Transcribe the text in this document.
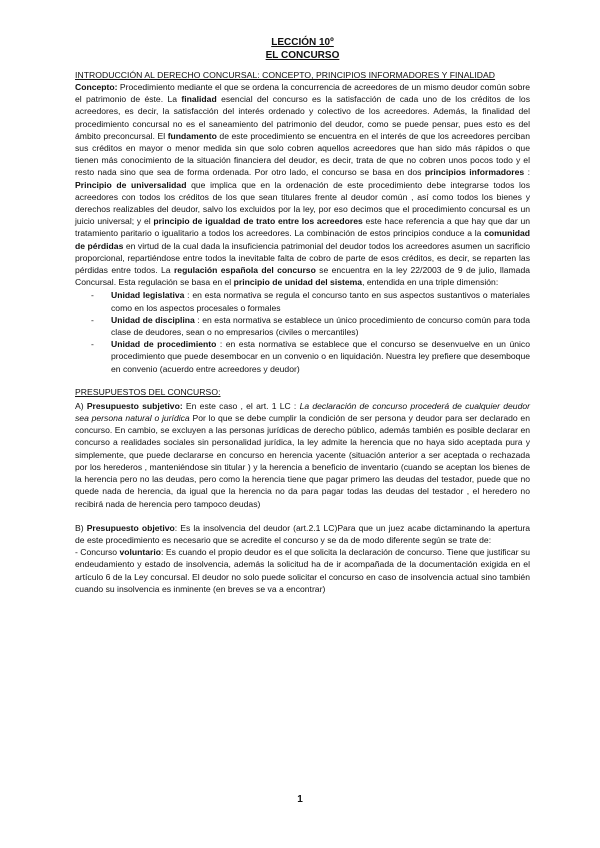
LECCIÓN 10º
EL CONCURSO
INTRODUCCIÓN AL DERECHO CONCURSAL: CONCEPTO, PRINCIPIOS INFORMADORES Y FINALIDAD

Concepto: Procedimiento mediante el que se ordena la concurrencia de acreedores de un mismo deudor común sobre el patrimonio de éste. La finalidad esencial del concurso es la satisfacción de cada uno de los créditos de los acreedores, es decir, la satisfacción del interés ordenado y colectivo de los acreedores. Además, la finalidad del procedimiento concursal no es el saneamiento del patrimonio del deudor, como se puede pensar, pues esto es del ámbito preconcursal. El fundamento de este procedimiento se encuentra en el interés de que los acreedores perciban sus créditos en mayor o menor medida sin que solo cobren aquellos acreedores que han sido más rápidos o que tienen más conocimiento de la situación financiera del deudor, es decir, trata de que no cobren unos pocos todo y el resto nada sino que sea de forma ordenada. Por otro lado, el concurso se basa en dos principios informadores : Principio de universalidad que implica que en la ordenación de este procedimiento debe integrarse todos los acreedores con todos los créditos de los que sean titulares frente al deudor común , así como todos los bienes y derechos realizables del deudor, salvo los excluidos por la ley, por eso decimos que el procedimiento concursal es un juicio universal; y el principio de igualdad de trato entre los acreedores este hace referencia a que hay que dar un tratamiento paritario o igualitario a todos los acreedores. La combinación de estos principios conduce a la comunidad de pérdidas en virtud de la cual dada la insuficiencia patrimonial del deudor todos los acreedores asumen un sacrificio proporcional, repartiéndose entre todos la inevitable falta de cobro de parte de esos créditos, es decir, se reparten las pérdidas entre todos. La regulación española del concurso se encuentra en la ley 22/2003 de 9 de julio, llamada Concursal. Esta regulación se basa en el principio de unidad del sistema, entendida en una triple dimensión:

- Unidad legislativa : en esta normativa se regula el concurso tanto en sus aspectos sustantivos o materiales como en los aspectos procesales o formales
- Unidad de disciplina : en esta normativa se establece un único procedimiento de concurso común para toda clase de deudores, sean o no empresarios (civiles o mercantiles)
- Unidad de procedimiento : en esta normativa se establece que el concurso se desenvuelve en un único procedimiento que puede desembocar en un convenio o en liquidación. Nuestra ley prefiere que desemboque en convenio (acuerdo entre acreedores y deudor)
PRESUPUESTOS DEL CONCURSO:

A) Presupuesto subjetivo: En este caso , el art. 1 LC : La declaración de concurso procederá de cualquier deudor sea persona natural o jurídica Por lo que se debe cumplir la condición de ser persona y deudor para ser declarado en concurso. En cambio, se excluyen a las personas jurídicas de derecho público, además también es posible declarar en concurso a realidades sociales sin personalidad jurídica, la ley admite la herencia que no haya sido aceptada pura y simplemente, que puede declararse en concurso en herencia yacente (situación anterior a ser aceptada o rechazada por los herederos , manteniéndose sin titular ) y la herencia a beneficio de inventario (cuando se aceptan los bienes de la herencia pero no las deudas, pero como la herencia tiene que pagar primero las deudas del testador, puede que no quede nada de herencia, da igual que la herencia no da para pagar todas las deudas del testador , el heredero no recibirá nada de herencia pero tampoco deudas)

B) Presupuesto objetivo: Es la insolvencia del deudor (art.2.1 LC)Para que un juez acabe dictaminando la apertura de este procedimiento es necesario que se acredite el concurso y se da de modo diferente según se trate de:

- Concurso voluntario: Es cuando el propio deudor es el que solicita la declaración de concurso. Tiene que justificar su endeudamiento y estado de insolvencia, además la solicitud ha de ir acompañada de la documentación exigida en el artículo 6 de la Ley concursal. El deudor no solo puede solicitar el concurso en caso de insolvencia actual sino también cuando su insolvencia es inminente (en breves se va a encontrar)

1
